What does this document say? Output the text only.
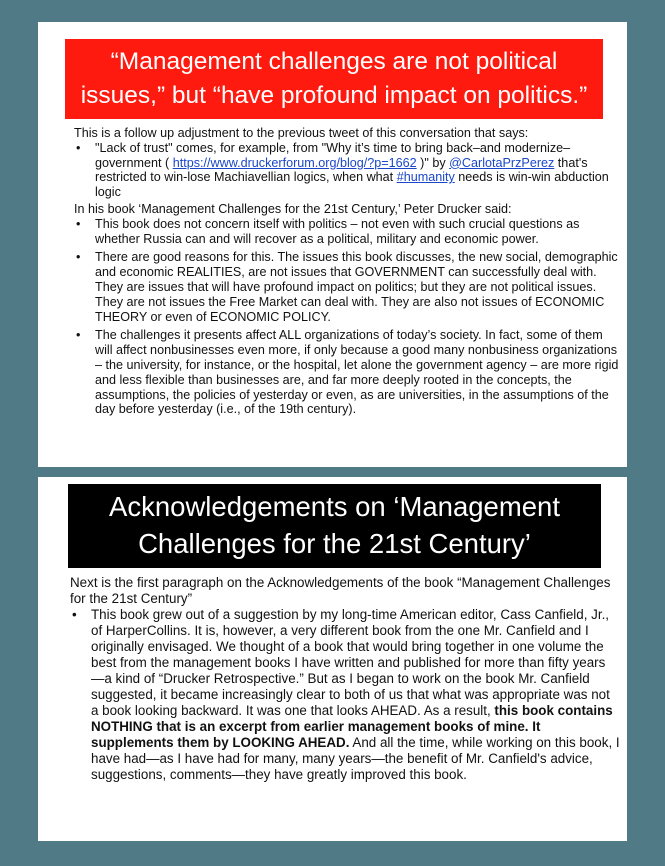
“Management challenges are not political
issues,” but “have profound impact on politics.”

This is a follow up adjustment to the previous tweet of this conversation that says:

• "Lack of trust" comes, for example, from "Why it’s time to bring back–and modernize– government ( https://www.druckerforum.org/blog/?p=1662 )" by @CarlotaPrzPerez that's restricted to win-lose Machiavellian logics, when what #humanity needs is win-win abduction logic

In his book ‘Management Challenges for the 21st Century,’ Peter Drucker said:

• This book does not concern itself with politics – not even with such crucial questions as whether Russia can and will recover as a political, military and economic power.
• There are good reasons for this. The issues this book discusses, the new social, demographic and economic REALITIES, are not issues that GOVERNMENT can successfully deal with. They are issues that will have profound impact on politics; but they are not political issues. They are not issues the Free Market can deal with. They are also not issues of ECONOMIC THEORY or even of ECONOMIC POLICY.
• The challenges it presents affect ALL organizations of today’s society. In fact, some of them will affect nonbusinesses even more, if only because a good many nonbusiness organizations – the university, for instance, or the hospital, let alone the government agency – are more rigid and less flexible than businesses are, and far more deeply rooted in the concepts, the assumptions, the policies of yesterday or even, as are universities, in the assumptions of the day before yesterday (i.e., of the 19th century).
Acknowledgements on ‘Management
Challenges for the 21st Century’

Next is the first paragraph on the Acknowledgements of the book “Management Challenges for the 21st Century”

• This book grew out of a suggestion by my long-time American editor, Cass Canfield, Jr., of HarperCollins. It is, however, a very different book from the one Mr. Canfield and I originally envisaged. We thought of a book that would bring together in one volume the best from the management books I have written and published for more than fifty years —a kind of “Drucker Retrospective.” But as I began to work on the book Mr. Canfield suggested, it became increasingly clear to both of us that what was appropriate was not a book looking backward. It was one that looks AHEAD. As a result, this book contains NOTHING that is an excerpt from earlier management books of mine. It supplements them by LOOKING AHEAD. And all the time, while working on this book, I have had—as I have had for many, many years—the benefit of Mr. Canfield's advice, suggestions, comments—they have greatly improved this book.
